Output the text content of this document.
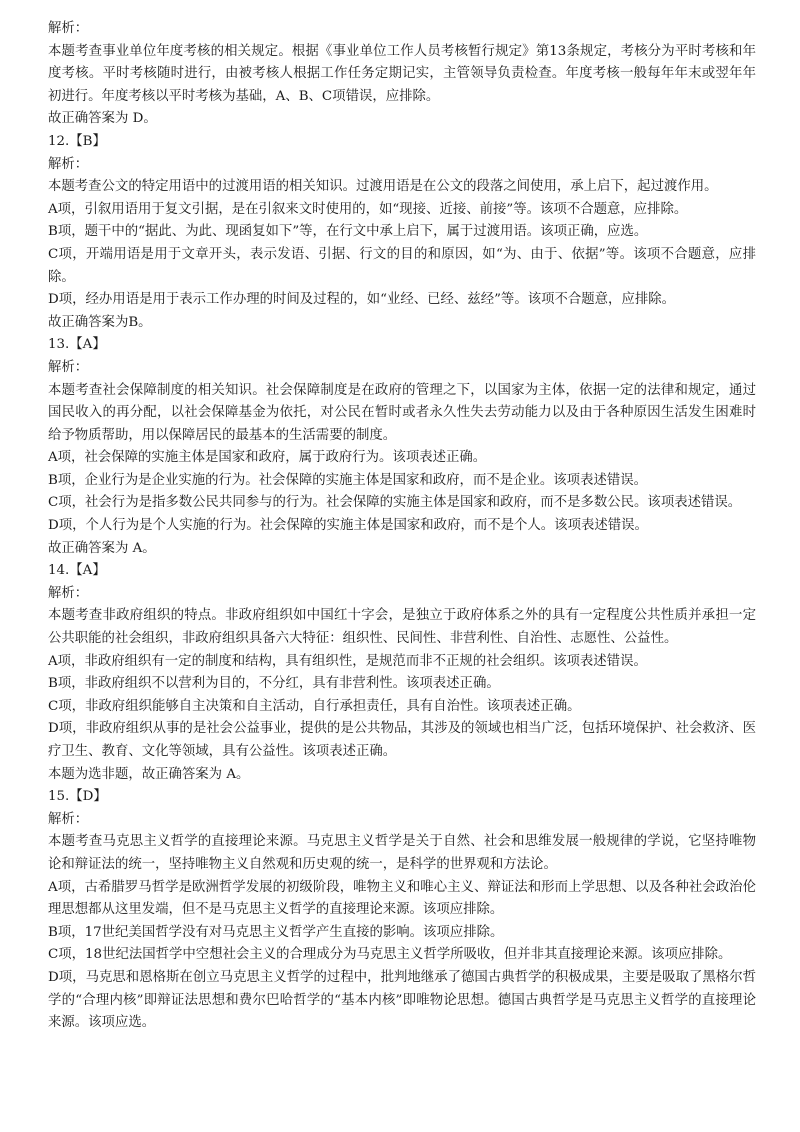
解析：

本题考查事业单位年度考核的相关规定。根据《事业单位工作人员考核暂行规定》第13条规定，考核分为平时考核和年度考核。平时考核随时进行，由被考核人根据工作任务定期记实，主管领导负责检查。年度考核一般每年年末或翌年年初进行。年度考核以平时考核为基础，A、B、C项错误，应排除。

故正确答案为 D。

12.【B】

解析：

本题考查公文的特定用语中的过渡用语的相关知识。过渡用语是在公文的段落之间使用，承上启下，起过渡作用。

A项，引叙用语用于复文引据，是在引叙来文时使用的，如“现接、近接、前接”等。该项不合题意，应排除。

B项，题干中的“据此、为此、现函复如下”等，在行文中承上启下，属于过渡用语。该项正确，应选。

C项，开端用语是用于文章开头，表示发语、引据、行文的目的和原因，如“为、由于、依据”等。该项不合题意，应排除。

D项，经办用语是用于表示工作办理的时间及过程的，如“业经、已经、兹经”等。该项不合题意，应排除。

故正确答案为B。

13.【A】

解析：

本题考查社会保障制度的相关知识。社会保障制度是在政府的管理之下，以国家为主体，依据一定的法律和规定，通过国民收入的再分配，以社会保障基金为依托，对公民在暂时或者永久性失去劳动能力以及由于各种原因生活发生困难时给予物质帮助，用以保障居民的最基本的生活需要的制度。

A项，社会保障的实施主体是国家和政府，属于政府行为。该项表述正确。

B项，企业行为是企业实施的行为。社会保障的实施主体是国家和政府，而不是企业。该项表述错误。

C项，社会行为是指多数公民共同参与的行为。社会保障的实施主体是国家和政府，而不是多数公民。该项表述错误。

D项，个人行为是个人实施的行为。社会保障的实施主体是国家和政府，而不是个人。该项表述错误。

故正确答案为 A。

14.【A】

解析：

本题考查非政府组织的特点。非政府组织如中国红十字会，是独立于政府体系之外的具有一定程度公共性质并承担一定公共职能的社会组织，非政府组织具备六大特征：组织性、民间性、非营利性、自治性、志愿性、公益性。

A项，非政府组织有一定的制度和结构，具有组织性，是规范而非不正规的社会组织。该项表述错误。

B项，非政府组织不以营利为目的，不分红，具有非营利性。该项表述正确。

C项，非政府组织能够自主决策和自主活动，自行承担责任，具有自治性。该项表述正确。

D项，非政府组织从事的是社会公益事业，提供的是公共物品，其涉及的领域也相当广泛，包括环境保护、社会救济、医疗卫生、教育、文化等领域，具有公益性。该项表述正确。

本题为选非题，故正确答案为 A。

15.【D】

解析：

本题考查马克思主义哲学的直接理论来源。马克思主义哲学是关于自然、社会和思维发展一般规律的学说，它坚持唯物论和辩证法的统一，坚持唯物主义自然观和历史观的统一，是科学的世界观和方法论。

A项，古希腊罗马哲学是欧洲哲学发展的初级阶段，唯物主义和唯心主义、辩证法和形而上学思想、以及各种社会政治伦理思想都从这里发端，但不是马克思主义哲学的直接理论来源。该项应排除。

B项，17世纪美国哲学没有对马克思主义哲学产生直接的影响。该项应排除。

C项，18世纪法国哲学中空想社会主义的合理成分为马克思主义哲学所吸收，但并非其直接理论来源。该项应排除。

D项，马克思和恩格斯在创立马克思主义哲学的过程中，批判地继承了德国古典哲学的积极成果，主要是吸取了黑格尔哲学的“合理内核”即辩证法思想和费尔巴哈哲学的“基本内核”即唯物论思想。德国古典哲学是马克思主义哲学的直接理论来源。该项应选。
